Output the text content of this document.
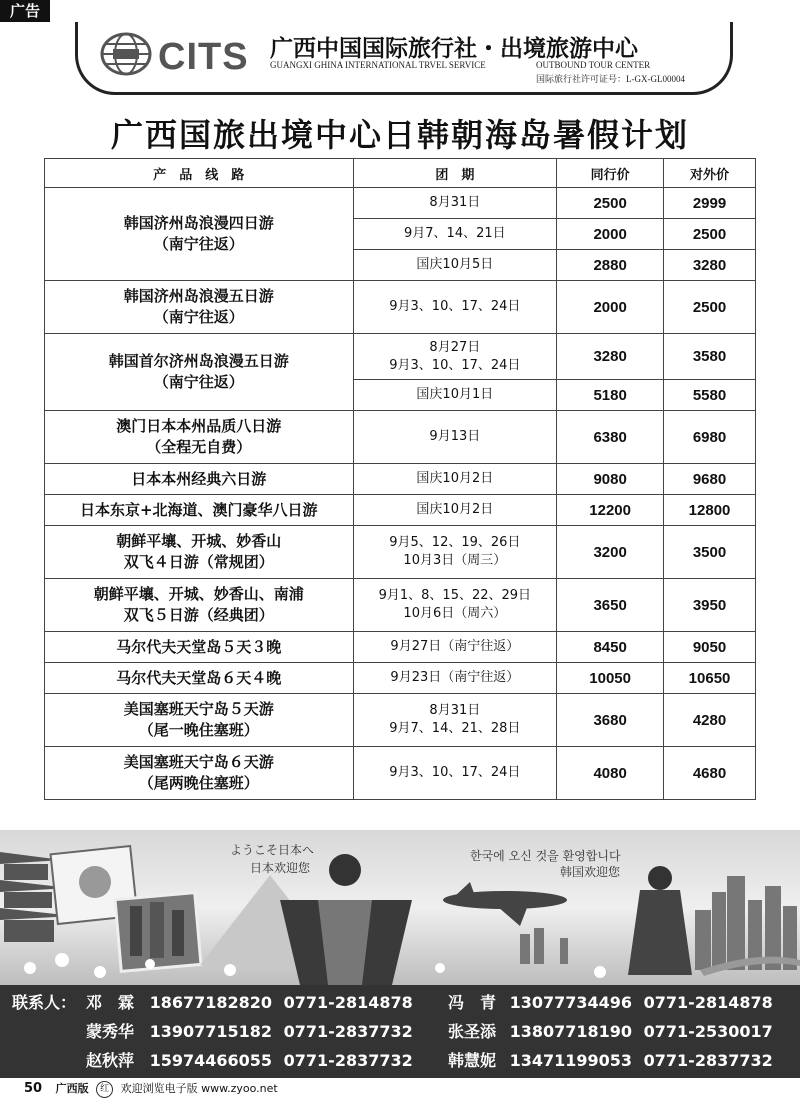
广告
CITS 广西中国国际旅行社・出境旅游中心
GUANGXI GHINA INTERNATIONAL TRVEL SERVICE	OUTBOUND TOUR CENTER
国际旅行社许可证号：L-GX-GL00004
广西国旅出境中心日韩朝海岛暑假计划
产　品　线　路	团　期	同行价	对外价

韩国济州岛浪漫四日游
（南宁往返）	8月31日	2500	2999

	9月7、14、21日	2000	2500

	国庆10月5日	2880	3280

韩国济州岛浪漫五日游
（南宁往返）	9月3、10、17、24日	2000	2500

韩国首尔济州岛浪漫五日游
（南宁往返）	8月27日
9月3、10、17、24日	3280	3580

	国庆10月1日	5180	5580

澳门日本本州品质八日游
（全程无自费）	9月13日	6380	6980

日本本州经典六日游	国庆10月2日	9080	9680

日本东京+北海道、澳门豪华八日游	国庆10月2日	12200	12800

朝鲜平壤、开城、妙香山
双飞４日游（常规团）	9月5、12、19、26日
10月3日（周三）	3200	3500

朝鲜平壤、开城、妙香山、南浦
双飞５日游（经典团）	9月1、8、15、22、29日
10月6日（周六）	3650	3950

马尔代夫天堂岛５天３晚	9月27日（南宁往返）	8450	9050

马尔代夫天堂岛６天４晚	9月23日（南宁往返）	10050	10650

美国塞班天宁岛５天游
（尾一晚住塞班）	8月31日
9月7、14、21、28日	3680	4280

美国塞班天宁岛６天游
（尾两晚住塞班）	9月3、10、17、24日	4080	4680
ようこそ日本へ
日本欢迎您
한국에 오신 것을 환영합니다
韩国欢迎您
联系人： 邓　霖 18677182820 0771-2814878 冯　青 13077734496 0771-2814878
蒙秀华 13907715182 0771-2837732 张圣添 13807718190 0771-2530017
赵秋萍 15974466055 0771-2837732 韩慧妮 13471199053 0771-2837732
50 广西版 红 欢迎浏览电子版 www.zyoo.net
